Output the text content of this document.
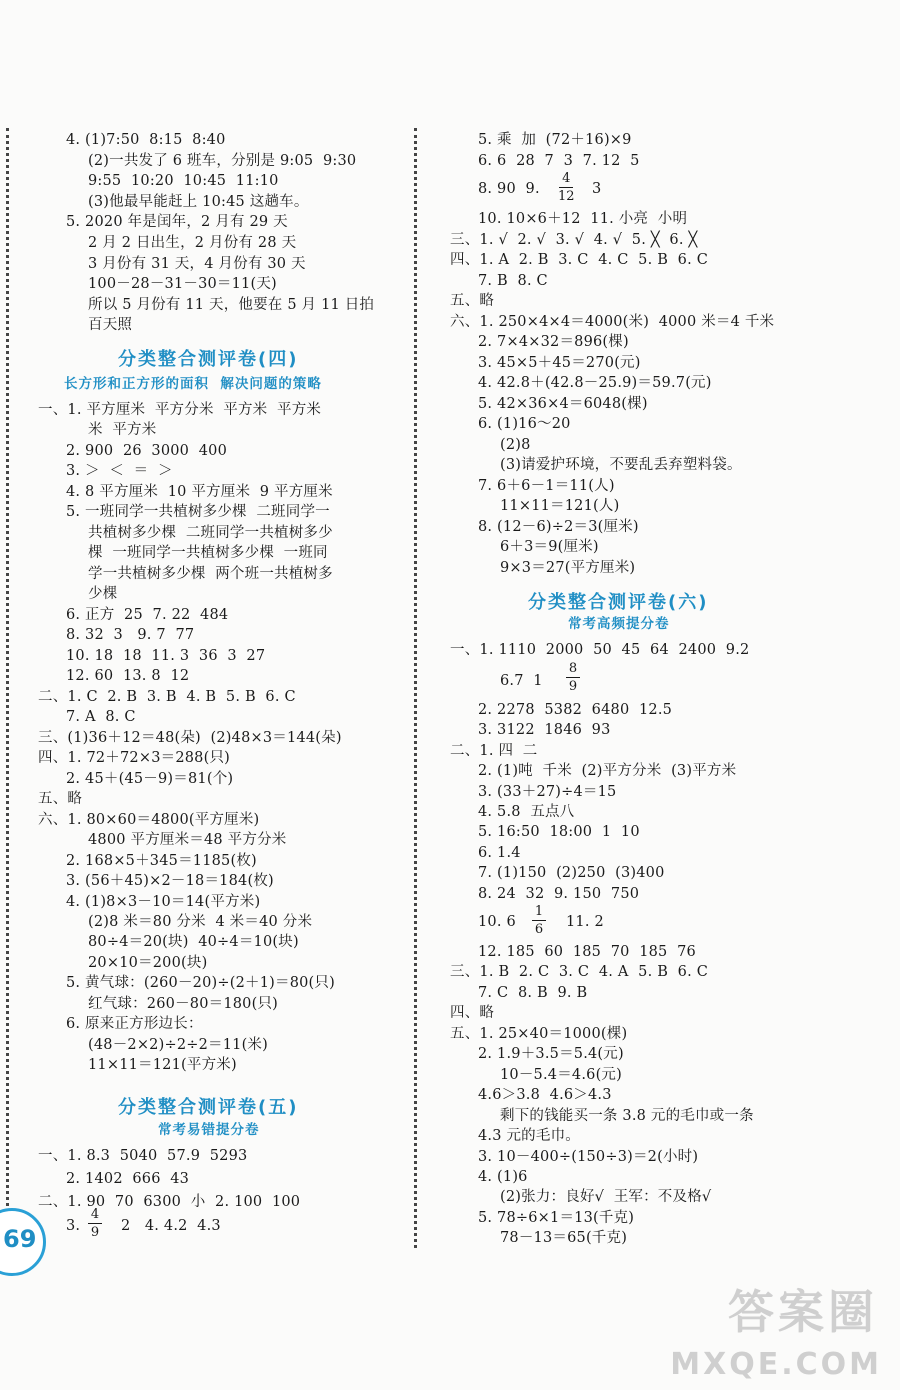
4. (1)7:50  8:15  8:40
(2)一共发了 6 班车，分别是 9:05  9:30
9:55  10:20  10:45  11:10
(3)他最早能赶上 10:45 这趟车。
5. 2020 年是闰年，2 月有 29 天
2 月 2 日出生，2 月份有 28 天
3 月份有 31 天，4 月份有 30 天
100－28－31－30＝11(天)
所以 5 月份有 11 天，他要在 5 月 11 日拍
百天照
分类整合测评卷(四)
长方形和正方形的面积  解决问题的策略
一、1. 平方厘米  平方分米  平方米  平方米
米  平方米
2. 900  26  3000  400
3. ＞  ＜  ＝  ＞
4. 8 平方厘米  10 平方厘米  9 平方厘米
5. 一班同学一共植树多少棵  二班同学一
共植树多少棵  二班同学一共植树多少
棵  一班同学一共植树多少棵  一班同
学一共植树多少棵  两个班一共植树多
少棵
6. 正方  25  7. 22  484
8. 32  3   9. 7  77
10. 18  18  11. 3  36  3  27
12. 60  13. 8  12
二、1. C  2. B  3. B  4. B  5. B  6. C
7. A  8. C
三、(1)36＋12＝48(朵)  (2)48×3＝144(朵)
四、1. 72＋72×3＝288(只)
2. 45＋(45－9)＝81(个)
五、略
六、1. 80×60＝4800(平方厘米)
4800 平方厘米＝48 平方分米
2. 168×5＋345＝1185(枚)
3. (56＋45)×2－18＝184(枚)
4. (1)8×3－10＝14(平方米)
(2)8 米＝80 分米  4 米＝40 分米
80÷4＝20(块)  40÷4＝10(块)
20×10＝200(块)
5. 黄气球：(260－20)÷(2＋1)＝80(只)
红气球：260－80＝180(只)
6. 原来正方形边长：
(48－2×2)÷2÷2＝11(米)
11×11＝121(平方米)
分类整合测评卷(五)
常考易错提分卷
一、1. 8.3  5040  57.9  5293
2. 1402  666  43
二、1. 90  70  6300  小  2. 100  100
3.
4
9 2   4. 4.2  4.3
5. 乘  加  (72＋16)×9
6. 6  28  7  3  7. 12  5
8. 90  9.
4
12 3
10. 10×6＋12  11. 小亮  小明
三、1. √  2. √  3. √  4. √  5. ╳  6. ╳
四、1. A  2. B  3. C  4. C  5. B  6. C
7. B  8. C
五、略
六、1. 250×4×4＝4000(米)  4000 米＝4 千米
2. 7×4×32＝896(棵)
3. 45×5＋45＝270(元)
4. 42.8＋(42.8－25.9)＝59.7(元)
5. 42×36×4＝6048(棵)
6. (1)16～20
(2)8
(3)请爱护环境，不要乱丢弃塑料袋。
7. 6＋6－1＝11(人)
11×11＝121(人)
8. (12－6)÷2＝3(厘米)
6＋3＝9(厘米)
9×3＝27(平方厘米)
分类整合测评卷(六)
常考高频提分卷
一、1. 1110  2000  50  45  64  2400  9.2
6.7  1
8
9
2. 2278  5382  6480  12.5
3. 3122  1846  93
二、1. 四  二
2. (1)吨  千米  (2)平方分米  (3)平方米
3. (33＋27)÷4＝15
4. 5.8  五点八
5. 16:50  18:00  1  10
6. 1.4
7. (1)150  (2)250  (3)400
8. 24  32  9. 150  750
10. 6
1
6 11. 2
12. 185  60  185  70  185  76
三、1. B  2. C  3. C  4. A  5. B  6. C
7. C  8. B  9. B
四、略
五、1. 25×40＝1000(棵)
2. 1.9＋3.5＝5.4(元)
10－5.4＝4.6(元)
4.6＞3.8  4.6＞4.3
剩下的钱能买一条 3.8 元的毛巾或一条
4.3 元的毛巾。
3. 10－400÷(150÷3)＝2(小时)
4. (1)6
(2)张力：良好√  王军：不及格√
5. 78÷6×1＝13(千克)
78－13＝65(千克)
69
答案圈
MXQE.COM
